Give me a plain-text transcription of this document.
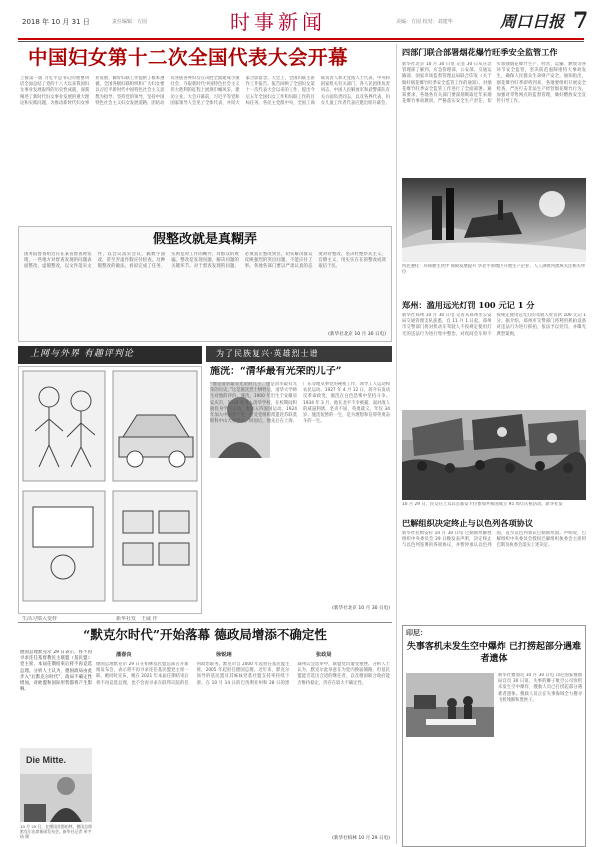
2018 年 10 月 31 日	责任编辑：方园	时事新闻	美编：方园 校对：刘建华	周口日报 7
中国妇女第十二次全国代表大会开幕
上接第一版 习近平总书记的重要讲话全面总结了党的十八大以来我国妇女事业发展取得的历史性成就，深刻阐述了新时代妇女事业发展的重大理论和实践问题，为推动新时代妇女事业发展、做好妇联工作提供了根本遵循。全国各级妇联组织和广大妇女要以习近平新时代中国特色社会主义思想为指导，坚持党的领导，坚持中国特色社会主义妇女发展道路，团结动员各族各界妇女在决胜全面建成小康社会、夺取新时代中国特色社会主义伟大胜利的征程上展现巾帼风采，建功立业。大会开幕前，习近平等党和国家领导人会见了全体代表，并同大家合影留念。大会上，全国妇联主席作工作报告。报告回顾了全国妇女第十一次代表大会以来的工作，提出今后五年全国妇女工作和妇联工作的目标任务。各民主党派中央、全国工商联负责人和无党派人士代表，中央和国家机关有关部门、各人民团体负责同志，中国人民解放军和武警部队有关方面负责同志，以及各界代表、妇女儿童工作者代表应邀出席开幕会。
四部门联合部署烟花爆竹旺季安全监管工作
新华社北京 10 月 30 日电 记者 30 日从应急管理部了解到，应急管理部、公安部、交通运输部、国家市场监督管理总局联合印发《关于做好烟花爆竹旺季安全监管工作的通知》，对烟花爆竹旺季安全监管工作进行了全面部署。通知要求，各地各有关部门要深刻吸取近年来烟花爆竹事故教训，严格落实安全生产责任，切实加强烟花爆竹生产、经营、运输、燃放等各环节安全监管，坚决防范遏制重特大事故发生，确保人民群众生命财产安全。通知指出，烟花爆竹旺季即将到来，各地要组织开展安全检查，严厉打击非法生产经营烟花爆竹行为，加强对零售网点的监督管理，做好燃放安全宣传引导工作。
河北遵化：环保催生伙伴 保障发展提升 华北平原地区开展生产企业、人工湖黄河流域关注相关单位
郑州：滥用远光灯罚 100 元记 1 分
新华社郑州 10 月 30 日电 记者从郑州市公安局交通管理支队获悉，自 11 月 1 日起，郑州市交警部门将对机动车驾驶人不按规定使用灯光的违法行为进行集中整治，对夜间会车时不按规定使用远光灯的驾驶人处罚款 100 元记 1 分。据介绍，郑州市交警部门将利用抓拍设备对违法行为进行抓拍，依法予以处罚，并曝光典型案例。
10 月 29 日，民众在土耳其首都安卡拉参加共和国成立 95 周年庆祝活动。新华社发
巴解组织决定终止与以色列各项协议
新华社拉姆安拉 10 月 30 日电 巴勒斯坦解放组织中央委员会 29 日晚发表声明，决定终止与以色列签署的各项协议，并暂停承认以色列国，直至以色列承认巴勒斯坦国。声明说，巴解组织中央委员会授权巴解组织执委会主席阿巴斯及执委会落实上述决定。
印尼：
失事客机未发生空中爆炸 已打捞起部分遇难者遗体
新华社雅加达 10 月 30 日电 印尼国家搜救局官员 30 日说，失事的狮子航空公司客机未发生空中爆炸，搜救人员已打捞起部分遇难者遗体。搜救人员正在失事海域全力搜寻飞机残骸和黑匣子。
假整改就是真糊弄
国务院督查组近日在某省督查时发现，一些地方对督查发现的问题表面整改、虚假整改，以文件落实文件，以会议落实会议，搞数字游戏，甚至弄虚作假应付检查。这种假整改的做法，看似完成了任务，实则是对工作的糊弄，对群众的欺骗。整改是发现问题、解决问题的关键环节。对于督查发现的问题，必须真正整改到位，切实解决群众反映强烈的突出问题，不能应付了事。各地各部门要以严肃认真的态度对待整改，坚决杜绝形式主义、官僚主义，用实实在在的整改成效取信于民。
(新华社北京 10 月 30 日电)
上网与外界 有趣评判论
生活习惯入变样	新华社发　王威 作
为了民族复兴·英雄烈士谱
施洸：“清华最有光荣的儿子”
“他是清华最有光荣的儿子，也是清华最有光荣的历史。”这是施洸烈士牺牲后，清华大学师生对他的评价。施洸，1900 年出生于安徽省安庆市，1918 年考入清华学校，在校期间积极投身学生运动，参加五四爱国运动。1924 年加入中国共产党，后受党组织派遣赴苏联莫斯科中山大学学习。回国后，他先后在上海、广东等地从事党的秘密工作，领导工人运动和农民运动。1927 年 4 月 12 日，蒋介石发动反革命政变，施洸在白色恐怖中坚持斗争。1934 年 3 月，他在北平不幸被捕，面对敌人的威逼利诱，坚贞不屈，英勇就义，年仅 34 岁。施洸短暂的一生，是为理想和信仰英勇奋斗的一生。
(新华社北京 10 月 30 日电)
“默克尔时代”开始落幕 德政局增添不确定性
德国总理默克尔 29 日表示，将不再寻求连任基督教民主联盟（基民盟）党主席，本届任期结束后将不再竞选总理。分析人士认为，德国政局由此步入“后默克尔时代”，政局不确定性增加，对欧盟和国际形势都将产生影响。
潘春良	徐锐翊	张政局
Die Mitte.
10 月 29 日，在德国首都柏林，德国总理默克尔出席新闻发布会。新华社记者 单宇琦 摄
德国总理默克尔 29 日在柏林基民盟总部召开新闻发布会，表示将不再寻求连任基民盟党主席一职。她同时宣布，她在 2021 年本届任期结束后将不再竞选总理，也不会再寻求在联邦议院的任何政治职务。默克尔自 2000 年起担任基民盟主席，2005 年起担任德国总理。近年来，默克尔领导的基民盟及其姊妹党基社盟支持率持续下滑。在 10 月 14 日的巴伐利亚州和 28 日的黑森州议会选举中，联盟党均遭受重挫。分析人士认为，默克尔此举意在为党内换届铺路，但基民盟能否选出合适的继任者，以及德国联合政府能否维持稳定，仍存在较大不确定性。
(新华社柏林 10 月 29 日电)
